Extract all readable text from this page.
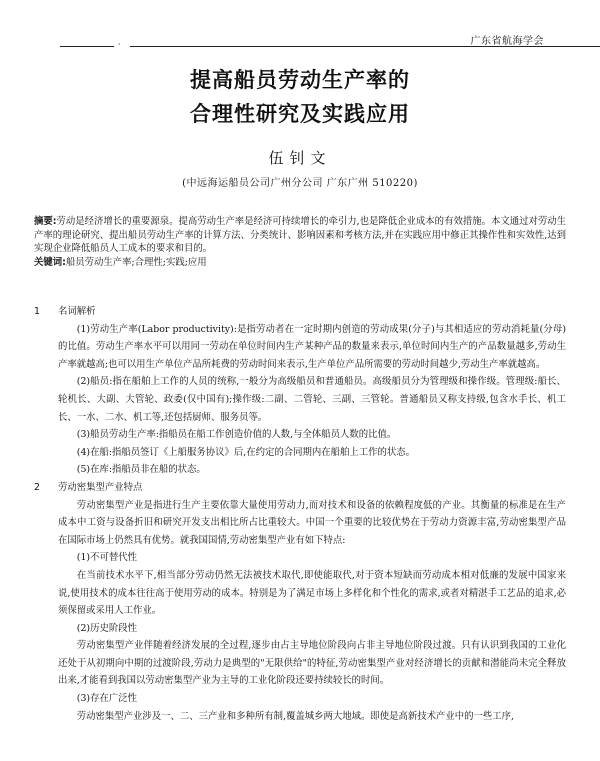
·	广东省航海学会
提高船员劳动生产率的
合理性研究及实践应用
伍钊文
(中远海运船员公司广州分公司 广东广州 510220)
摘要:劳动是经济增长的重要源泉。提高劳动生产率是经济可持续增长的牵引力,也是降低企业成本的有效措施。本文通过对劳动生产率的理论研究、提出船员劳动生产率的计算方法、分类统计、影响因素和考核方法,并在实践应用中修正其操作性和实效性,达到实现企业降低船员人工成本的要求和目的。
关键词:船员劳动生产率;合理性;实践;应用

1 名词解析

(1)劳动生产率(Labor productivity):是指劳动者在一定时期内创造的劳动成果(分子)与其相适应的劳动消耗量(分母)的比值。劳动生产率水平可以用同一劳动在单位时间内生产某种产品的数量来表示,单位时间内生产的产品数量越多,劳动生产率就越高;也可以用生产单位产品所耗费的劳动时间来表示,生产单位产品所需要的劳动时间越少,劳动生产率就越高。

(2)船员:指在船舶上工作的人员的统称,一般分为高级船员和普通船员。高级船员分为管理级和操作级。管理级:船长、轮机长、大副、大管轮、政委(仅中国有);操作级:二副、二管轮、三副、三管轮。普通船员又称支持级,包含水手长、机工长、一水、二水、机工等,还包括厨师、服务员等。

(3)船员劳动生产率:指船员在船工作创造价值的人数,与全体船员人数的比值。

(4)在船:指船员签订《上船服务协议》后,在约定的合同期内在船舶上工作的状态。

(5)在库:指船员非在船的状态。

2 劳动密集型产业特点

劳动密集型产业是指进行生产主要依靠大量使用劳动力,而对技术和设备的依赖程度低的产业。其衡量的标准是在生产成本中工资与设备折旧和研究开发支出相比所占比重较大。中国一个重要的比较优势在于劳动力资源丰富,劳动密集型产品在国际市场上仍然具有优势。就我国国情,劳动密集型产业有如下特点:

(1)不可替代性

在当前技术水平下,相当部分劳动仍然无法被技术取代,即使能取代,对于资本短缺而劳动成本相对低廉的发展中国家来说,使用技术的成本往往高于使用劳动的成本。特别是为了满足市场上多样化和个性化的需求,或者对精湛手工艺品的追求,必须保留或采用人工作业。

(2)历史阶段性

劳动密集型产业伴随着经济发展的全过程,逐步由占主导地位阶段向占非主导地位阶段过渡。只有认识到我国的工业化还处于从初期向中期的过渡阶段,劳动力是典型的"无限供给"的特征,劳动密集型产业对经济增长的贡献和潜能尚未完全释放出来,才能看到我国以劳动密集型产业为主导的工业化阶段还要持续较长的时间。

(3)存在广泛性

劳动密集型产业涉及一、二、三产业和多种所有制,覆盖城乡两大地域。即使是高新技术产业中的一些工序,
